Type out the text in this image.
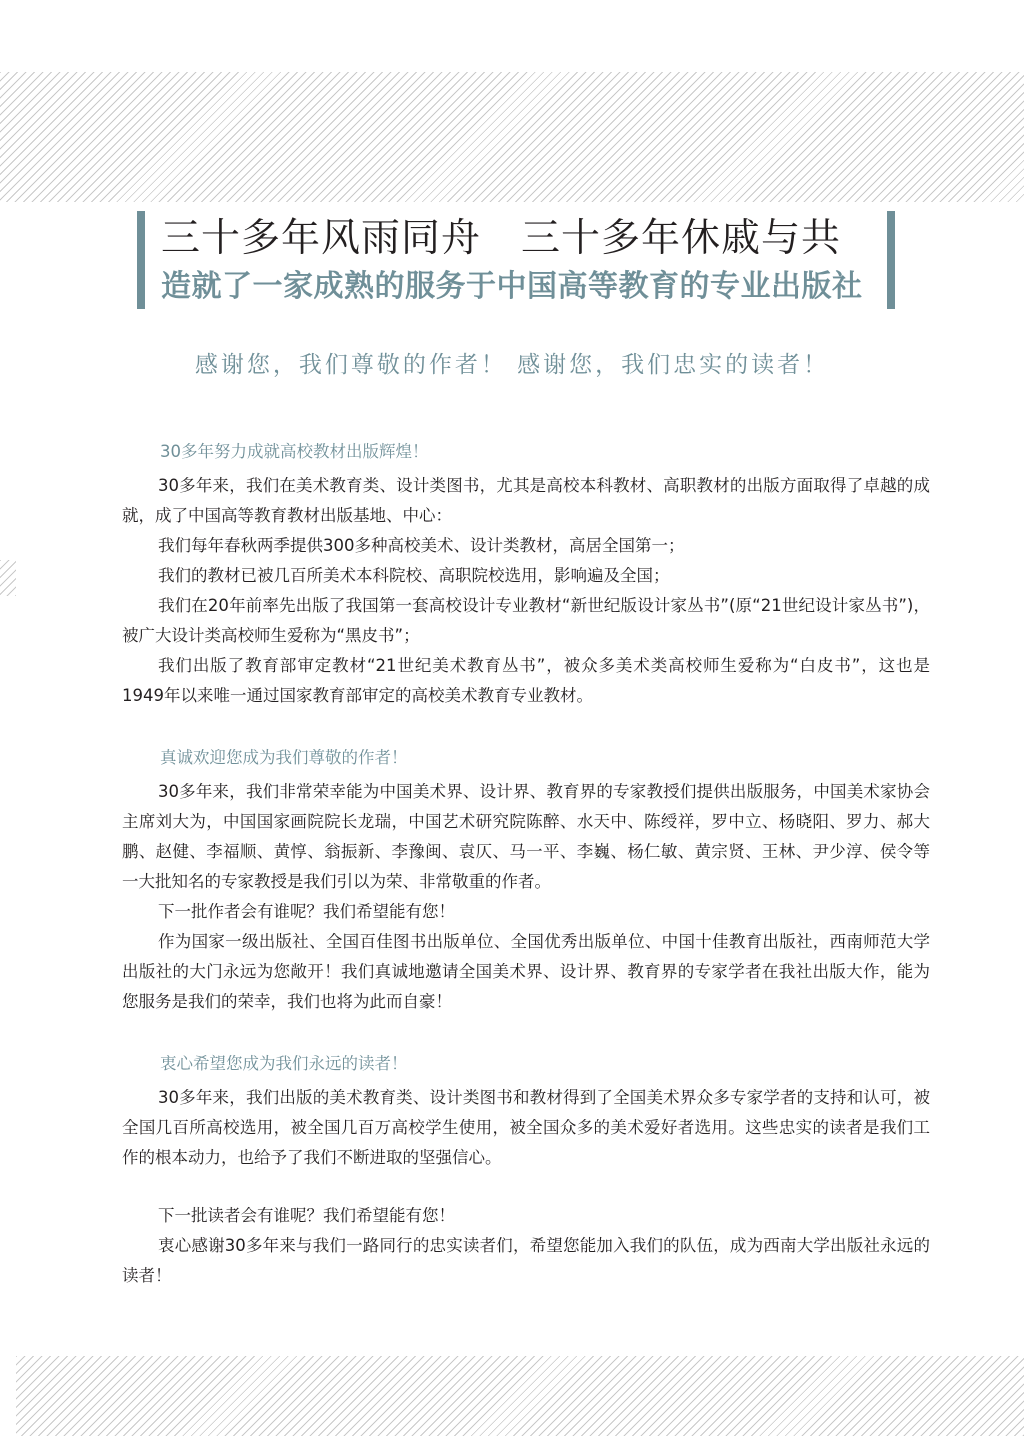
三十多年风雨同舟　三十多年休戚与共
造就了一家成熟的服务于中国高等教育的专业出版社
感谢您，我们尊敬的作者！ 感谢您，我们忠实的读者！

30多年努力成就高校教材出版辉煌！

30多年来，我们在美术教育类、设计类图书，尤其是高校本科教材、高职教材的出版方面取得了卓越的成就，成了中国高等教育教材出版基地、中心：

我们每年春秋两季提供300多种高校美术、设计类教材，高居全国第一；

我们的教材已被几百所美术本科院校、高职院校选用，影响遍及全国；

我们在20年前率先出版了我国第一套高校设计专业教材“新世纪版设计家丛书”(原“21世纪设计家丛书”)，被广大设计类高校师生爱称为“黑皮书”；

我们出版了教育部审定教材“21世纪美术教育丛书”，被众多美术类高校师生爱称为“白皮书”，这也是1949年以来唯一通过国家教育部审定的高校美术教育专业教材。

真诚欢迎您成为我们尊敬的作者！

30多年来，我们非常荣幸能为中国美术界、设计界、教育界的专家教授们提供出版服务，中国美术家协会主席刘大为，中国国家画院院长龙瑞，中国艺术研究院陈醉、水天中、陈绶祥，罗中立、杨晓阳、罗力、郝大鹏、赵健、李福顺、黄惇、翁振新、李豫闽、袁仄、马一平、李巍、杨仁敏、黄宗贤、王林、尹少淳、侯令等一大批知名的专家教授是我们引以为荣、非常敬重的作者。

下一批作者会有谁呢？我们希望能有您！

作为国家一级出版社、全国百佳图书出版单位、全国优秀出版单位、中国十佳教育出版社，西南师范大学出版社的大门永远为您敞开！我们真诚地邀请全国美术界、设计界、教育界的专家学者在我社出版大作，能为您服务是我们的荣幸，我们也将为此而自豪！

衷心希望您成为我们永远的读者！

30多年来，我们出版的美术教育类、设计类图书和教材得到了全国美术界众多专家学者的支持和认可，被全国几百所高校选用，被全国几百万高校学生使用，被全国众多的美术爱好者选用。这些忠实的读者是我们工作的根本动力，也给予了我们不断进取的坚强信心。

下一批读者会有谁呢？我们希望能有您！

衷心感谢30多年来与我们一路同行的忠实读者们，希望您能加入我们的队伍，成为西南大学出版社永远的读者！
